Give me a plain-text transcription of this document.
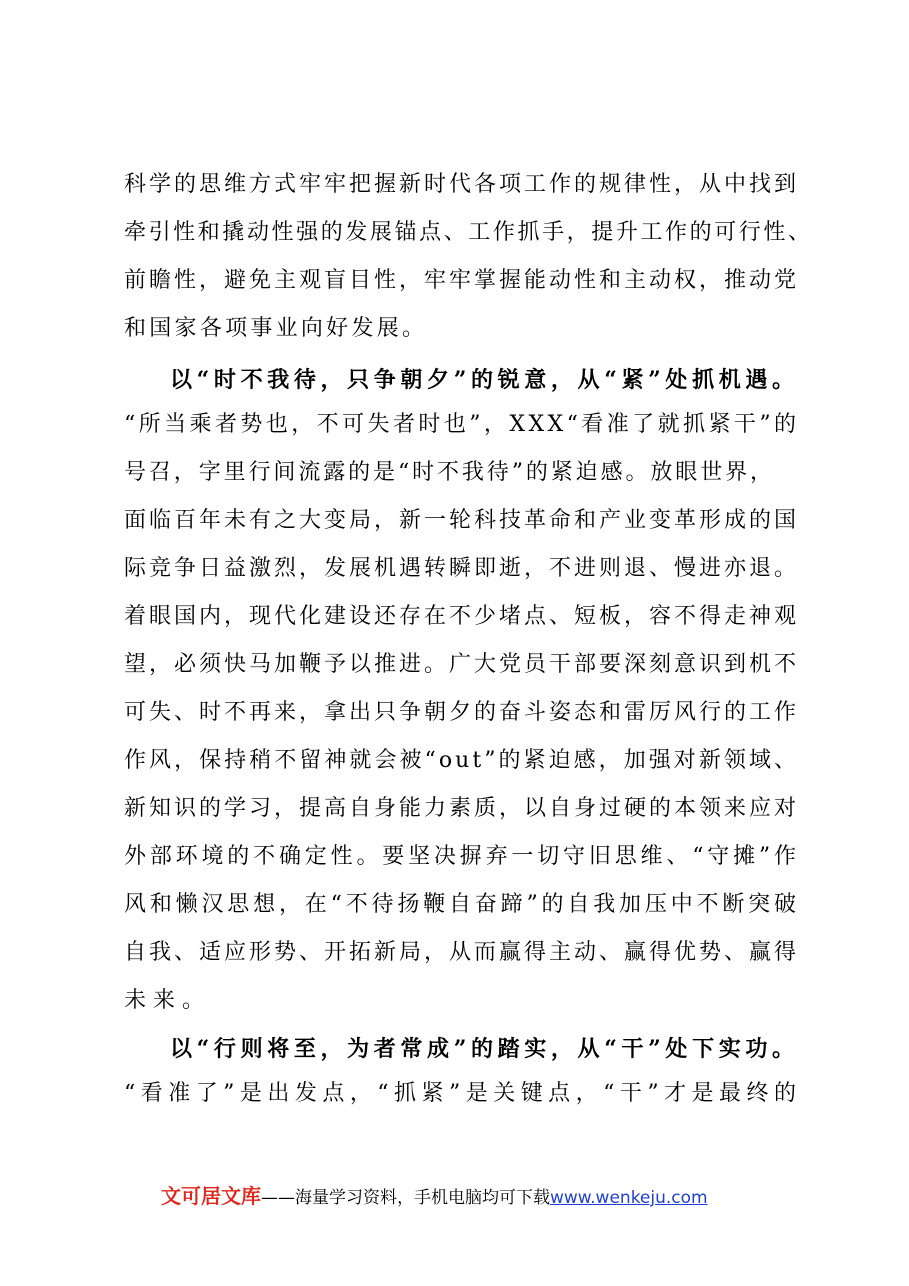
科学的思维方式牢牢把握新时代各项工作的规律性，从中找到
牵引性和撬动性强的发展锚点、工作抓手，提升工作的可行性、
前瞻性，避免主观盲目性，牢牢掌握能动性和主动权，推动党
和国家各项事业向好发展。
以“时不我待，只争朝夕”的锐意，从“紧”处抓机遇。
“所当乘者势也，不可失者时也”，XXX“看准了就抓紧干”的
号召，字里行间流露的是“时不我待”的紧迫感。放眼世界，
面临百年未有之大变局，新一轮科技革命和产业变革形成的国
际竞争日益激烈，发展机遇转瞬即逝，不进则退、慢进亦退。
着眼国内，现代化建设还存在不少堵点、短板，容不得走神观
望，必须快马加鞭予以推进。广大党员干部要深刻意识到机不
可失、时不再来，拿出只争朝夕的奋斗姿态和雷厉风行的工作
作风，保持稍不留神就会被“out”的紧迫感，加强对新领域、
新知识的学习，提高自身能力素质，以自身过硬的本领来应对
外部环境的不确定性。要坚决摒弃一切守旧思维、“守摊”作
风和懒汉思想，在“不待扬鞭自奋蹄”的自我加压中不断突破
自我、适应形势、开拓新局，从而赢得主动、赢得优势、赢得
未来。
以“行则将至，为者常成”的踏实，从“干”处下实功。
“看准了”是出发点，“抓紧”是关键点，“干”才是最终的
文可居文库——海量学习资料，手机电脑均可下载www.wenkeju.com
